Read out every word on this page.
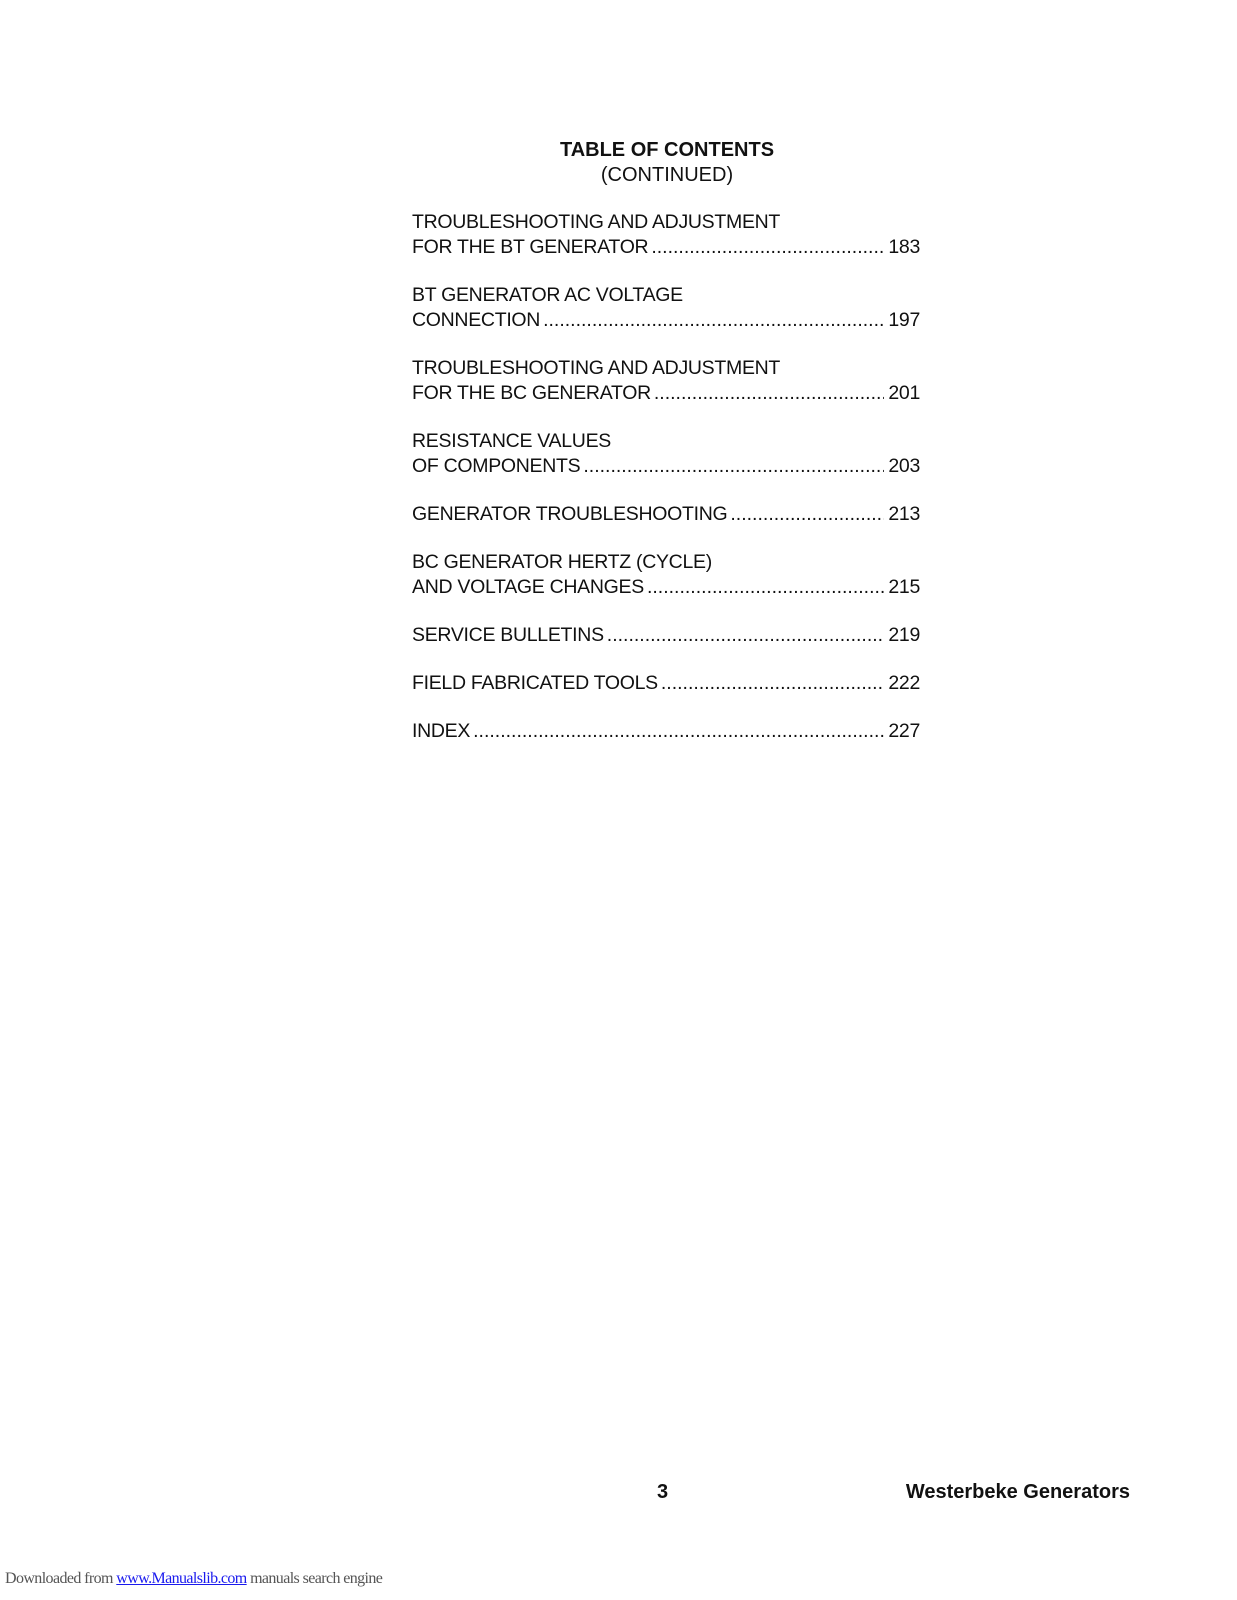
TABLE OF CONTENTS
(CONTINUED)
TROUBLESHOOTING AND ADJUSTMENT
FOR THE BT GENERATOR .....	183
BT GENERATOR AC VOLTAGE
CONNECTION .....	197
TROUBLESHOOTING AND ADJUSTMENT
FOR THE BC GENERATOR .....	201
RESISTANCE VALUES
OF COMPONENTS .....	203
GENERATOR TROUBLESHOOTING .....	213
BC GENERATOR HERTZ (CYCLE)
AND VOLTAGE CHANGES .....	215
SERVICE BULLETINS .....	219
FIELD FABRICATED TOOLS .....	222
INDEX .....	227
3	Westerbeke Generators
Downloaded from www.Manualslib.com manuals search engine
